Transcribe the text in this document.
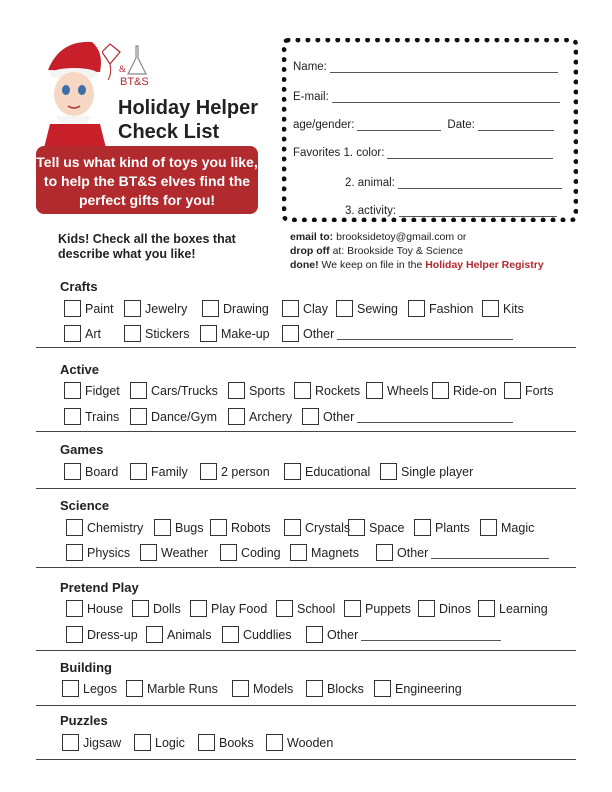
&
BT&S
Holiday Helper
Check List
Tell us what kind of toys you like, to help the BT&S elves find the perfect gifts for you!
Kids! Check all the boxes that describe what you like!
Name:
E-mail:
age/gender:	Date:
Favorites 1. color:
2. animal:
3. activity:
email to: brooksidetoy@gmail.com or
drop off at: Brookside Toy & Science
done! We keep on file in the Holiday Helper Registry
Crafts
Paint	Jewelry	Drawing	Clay Sewing Fashion Kits
Art	Stickers	Make-up	Other
Active
Fidget	Cars/Trucks Sports Rockets Wheels Ride-on Forts
Trains	Dance/Gym	Archery Other
Games
Board	Family	2 person	Educational Single player
Science
Chemistry	Bugs Robots	Crystals Space Plants	Magic
Physics Weather	Coding Magnets	Other
Pretend Play
House Dolls Play Food School Puppets Dinos Learning
Dress-up Animals	Cuddlies	Other
Building
Legos Marble Runs	Models	Blocks Engineering
Puzzles
Jigsaw	Logic	Books	Wooden
